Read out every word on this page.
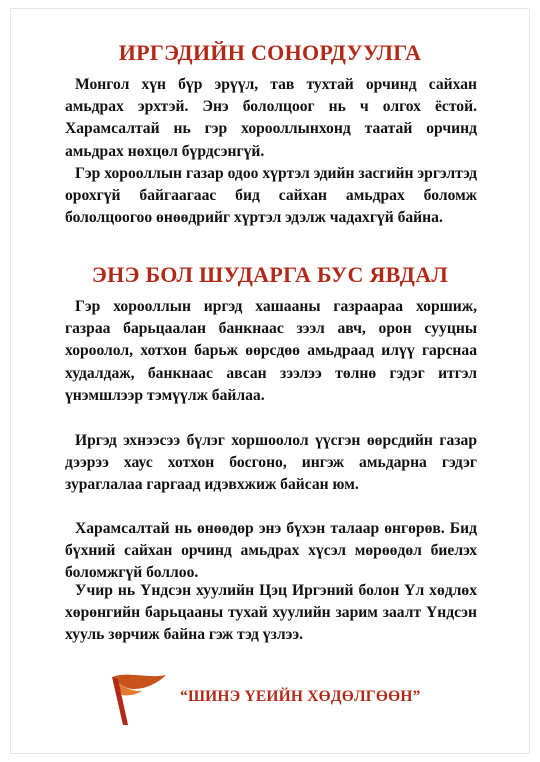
ИРГЭДИЙН СОНОРДУУЛГА

Монгол хүн бүр эрүүл, тав тухтай орчинд сайхан амьдрах эрхтэй. Энэ бололцоог нь ч олгох ёстой. Харамсалтай нь гэр хорооллынхонд таатай орчинд амьдрах нөхцөл бүрдсэнгүй.

Гэр хорооллын газар одоо хүртэл эдийн засгийн эргэлтэд орохгүй байгаагаас бид сайхан амьдрах боломж бололцоогоо өнөөдрийг хүртэл эдэлж чадахгүй байна.

ЭНЭ БОЛ ШУДАРГА БУС ЯВДАЛ

Гэр хорооллын иргэд хашааны газраараа хоршиж, газраа барьцаалан банкнаас зээл авч, орон сууцны хороолол, хотхон барьж өөрсдөө амьдраад илүү гарснаа худалдаж, банкнаас авсан зээлээ төлнө гэдэг итгэл үнэмшлээр тэмүүлж байлаа.

Иргэд эхнээсээ бүлэг хоршоолол үүсгэн өөрсдийн газар дээрээ хаус хотхон босгоно, ингэж амьдарна гэдэг зураглалаа гаргаад идэвхжиж байсан юм.

Харамсалтай нь өнөөдөр энэ бүхэн талаар өнгөрөв. Бид бүхний сайхан орчинд амьдрах хүсэл мөрөөдөл биелэх боломжгүй боллоо.

Учир нь Үндсэн хуулийн Цэц Иргэний болон Үл хөдлөх хөрөнгийн барьцааны тухай хуулийн зарим заалт Үндсэн хууль зөрчиж байна гэж тэд үзлээ.

“ШИНЭ ҮЕИЙН ХӨДӨЛГӨӨН”
